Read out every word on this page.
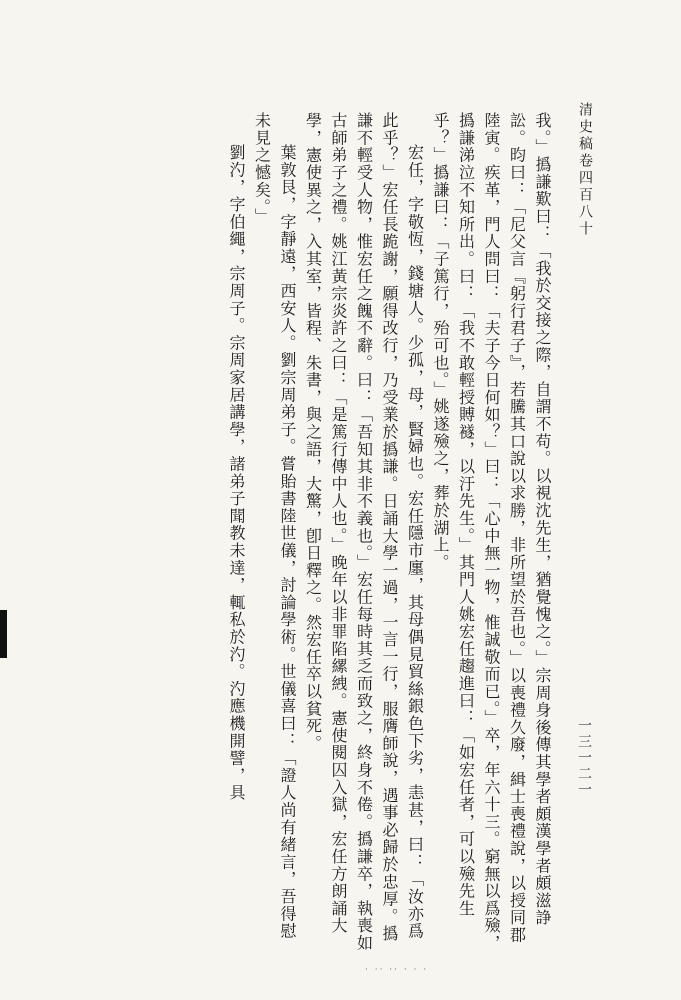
清史稿卷四百八十
一三一二一

我。」撝謙歎曰：「我於交接之際，自謂不苟。以視沈先生，猶覺愧之。」宗周身後傳其學者頗漢學者頗滋諍訟。昀曰：「尼父言『躬行君子』，若騰其口說以求勝，非所望於吾也。」以喪禮久廢，緝士喪禮說，以授同郡陸寅。疾革，門人問曰：「夫子今日何如？」曰：「心中無一物，惟誠敬而已。」卒，年六十三。窮無以爲殮，撝謙涕泣不知所出。曰：「我不敢輕授賻襚，以汙先生。」其門人姚宏任趨進曰：「如宏任者，可以殮先生乎？」撝謙曰：「子篤行，殆可也。」姚遂殮之，葬於湖上。

宏任，字敬恆，錢塘人。少孤，母，賢婦也。宏任隱市廛，其母偶見貿絲銀色下劣，恚甚，曰：「汝亦爲此乎？」宏任長跪謝，願得改行，乃受業於撝謙。日誦大學一過，一言一行，服膺師說，遇事必歸於忠厚。撝謙不輕受人物，惟宏任之餽不辭。曰：「吾知其非不義也。」宏任每時其乏而致之，終身不倦。撝謙卒，執喪如古師弟子之禮。姚江黃宗炎許之曰：「是篤行傳中人也。」晚年以非罪陷縲絏。憲使閱囚入獄，宏任方朗誦大學，憲使異之，入其室，皆程、朱書，與之語，大驚，卽日釋之。然宏任卒以貧死。

葉敦艮，字靜遠，西安人。劉宗周弟子。嘗貽書陸世儀，討論學術。世儀喜曰：「證人尚有緒言，吾得慰未見之憾矣。」

劉汋，字伯繩，宗周子。宗周家居講學，諸弟子聞教未達，輒私於汋。汋應機開譬，具

· ·· ·· · · ·
